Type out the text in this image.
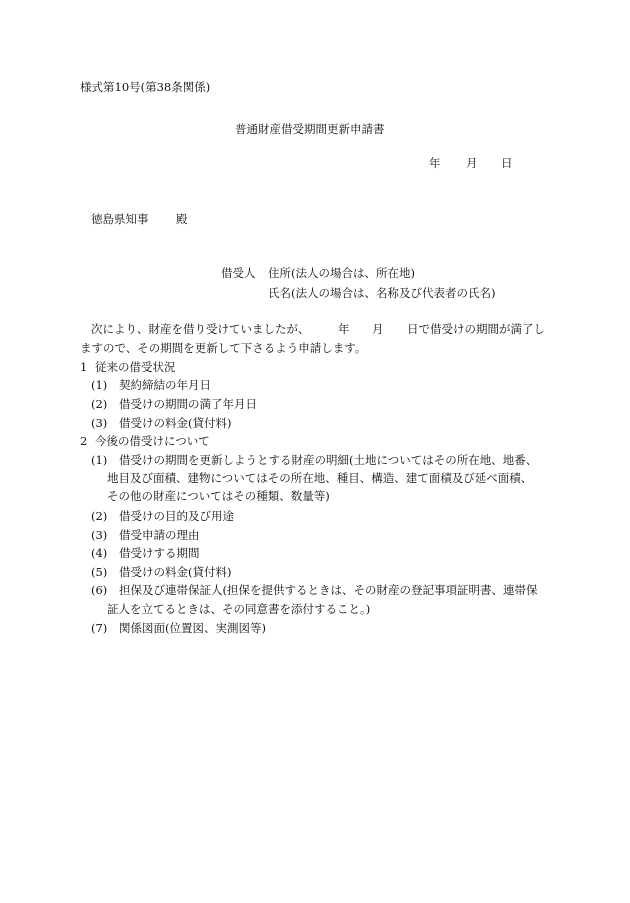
様式第10号(第38条関係)
普通財産借受期間更新申請書
年 月 日
徳島県知事 殿
借受人 住所(法人の場合は、所在地)
氏名(法人の場合は、名称及び代表者の氏名)
次により、財産を借り受けていましたが、 年 月 日で借受けの期間が満了し
ますので、その期間を更新して下さるよう申請します。
1 従来の借受状況
(1) 契約締結の年月日
(2) 借受けの期間の満了年月日
(3) 借受けの料金(貸付料)
2 今後の借受けについて
(1) 借受けの期間を更新しようとする財産の明細(土地についてはその所在地、地番、
地目及び面積、建物についてはその所在地、種目、構造、建て面積及び延べ面積、
その他の財産についてはその種類、数量等)
(2) 借受けの目的及び用途
(3) 借受申請の理由
(4) 借受けする期間
(5) 借受けの料金(貸付料)
(6) 担保及び連帯保証人(担保を提供するときは、その財産の登記事項証明書、連帯保
証人を立てるときは、その同意書を添付すること。)
(7) 関係図面(位置図、実測図等)
